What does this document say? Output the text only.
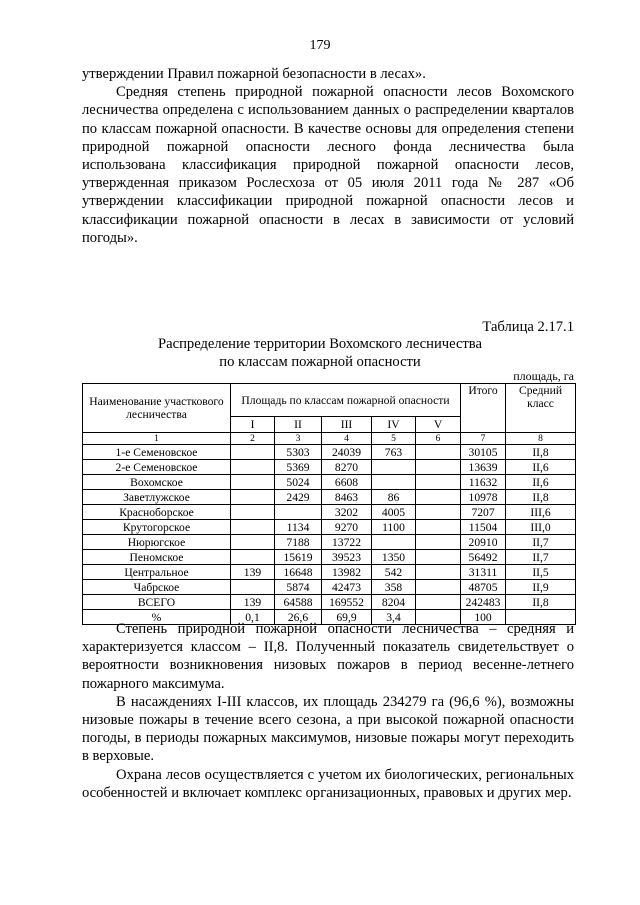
179

утверждении Правил пожарной безопасности в лесах».

Средняя степень природной пожарной опасности лесов Вохомского лесничества определена с использованием данных о распределении кварталов по классам пожарной опасности. В качестве основы для определения степени природной пожарной опасности лесного фонда лесничества была использована классификация природной пожарной опасности лесов, утвержденная приказом Рослесхоза от 05 июля 2011 года № 287 «Об утверждении классификации природной пожарной опасности лесов и классификации пожарной опасности в лесах в зависимости от условий погоды».

Таблица 2.17.1
Распределение территории Вохомского лесничества
по классам пожарной опасности
площадь, га
Наименование участкового лесничества	Площадь по классам пожарной опасности					Итого	Средний класс
	I	II	III	IV	V		
1	2	3	4	5	6	7	8
1-е Семеновское		5303	24039	763		30105	II,8
2-е Семеновское		5369	8270			13639	II,6
Вохомское		5024	6608			11632	II,6
Заветлужское		2429	8463	86		10978	II,8
Красноборское			3202	4005		7207	III,6
Крутогорское		1134	9270	1100		11504	III,0
Нюрюгское		7188	13722			20910	II,7
Пеномское		15619	39523	1350		56492	II,7
Центральное	139	16648	13982	542		31311	II,5
Чабрское		5874	42473	358		48705	II,9
ВСЕГО	139	64588	169552	8204		242483	II,8
%	0,1	26,6	69,9	3,4		100	

Степень природной пожарной опасности лесничества – средняя и характеризуется классом – II,8. Полученный показатель свидетельствует о вероятности возникновения низовых пожаров в период весенне-летнего пожарного максимума.

В насаждениях I-III классов, их площадь 234279 га (96,6 %), возможны низовые пожары в течение всего сезона, а при высокой пожарной опасности погоды, в периоды пожарных максимумов, низовые пожары могут переходить в верховые.

Охрана лесов осуществляется с учетом их биологических, региональных особенностей и включает комплекс организационных, правовых и других мер.
